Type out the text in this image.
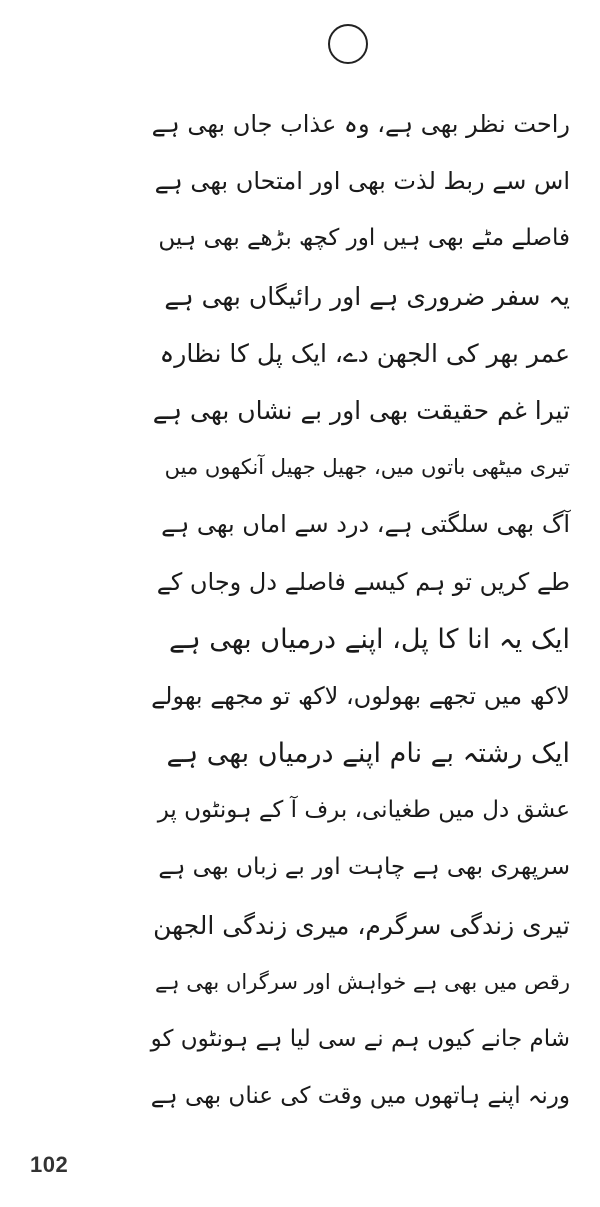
راحت نظر بھی ہے، وہ عذاب جاں بھی ہے
اس سے ربط لذت بھی اور امتحاں بھی ہے
فاصلے مٹے بھی ہیں اور کچھ بڑھے بھی ہیں
یہ سفر ضروری ہے اور رائیگاں بھی ہے
عمر بھر کی الجھن دے، ایک پل کا نظارہ
تیرا غم حقیقت بھی اور بے نشاں بھی ہے
تیری میٹھی باتوں میں، جھیل جھیل آنکھوں میں
آگ بھی سلگتی ہے، درد سے اماں بھی ہے
طے کریں تو ہم کیسے فاصلے دل وجاں کے
ایک یہ انا کا پل، اپنے درمیاں بھی ہے
لاکھ میں تجھے بھولوں، لاکھ تو مجھے بھولے
ایک رشتہ بے نام اپنے درمیاں بھی ہے
عشق دل میں طغیانی، برف آ کے ہونٹوں پر
سرپھری بھی ہے چاہت اور بے زباں بھی ہے
تیری زندگی سرگرم، میری زندگی الجھن
رقص میں بھی ہے خواہش اور سرگراں بھی ہے
شام جانے کیوں ہم نے سی لیا ہے ہونٹوں کو
ورنہ اپنے ہاتھوں میں وقت کی عناں بھی ہے
102
